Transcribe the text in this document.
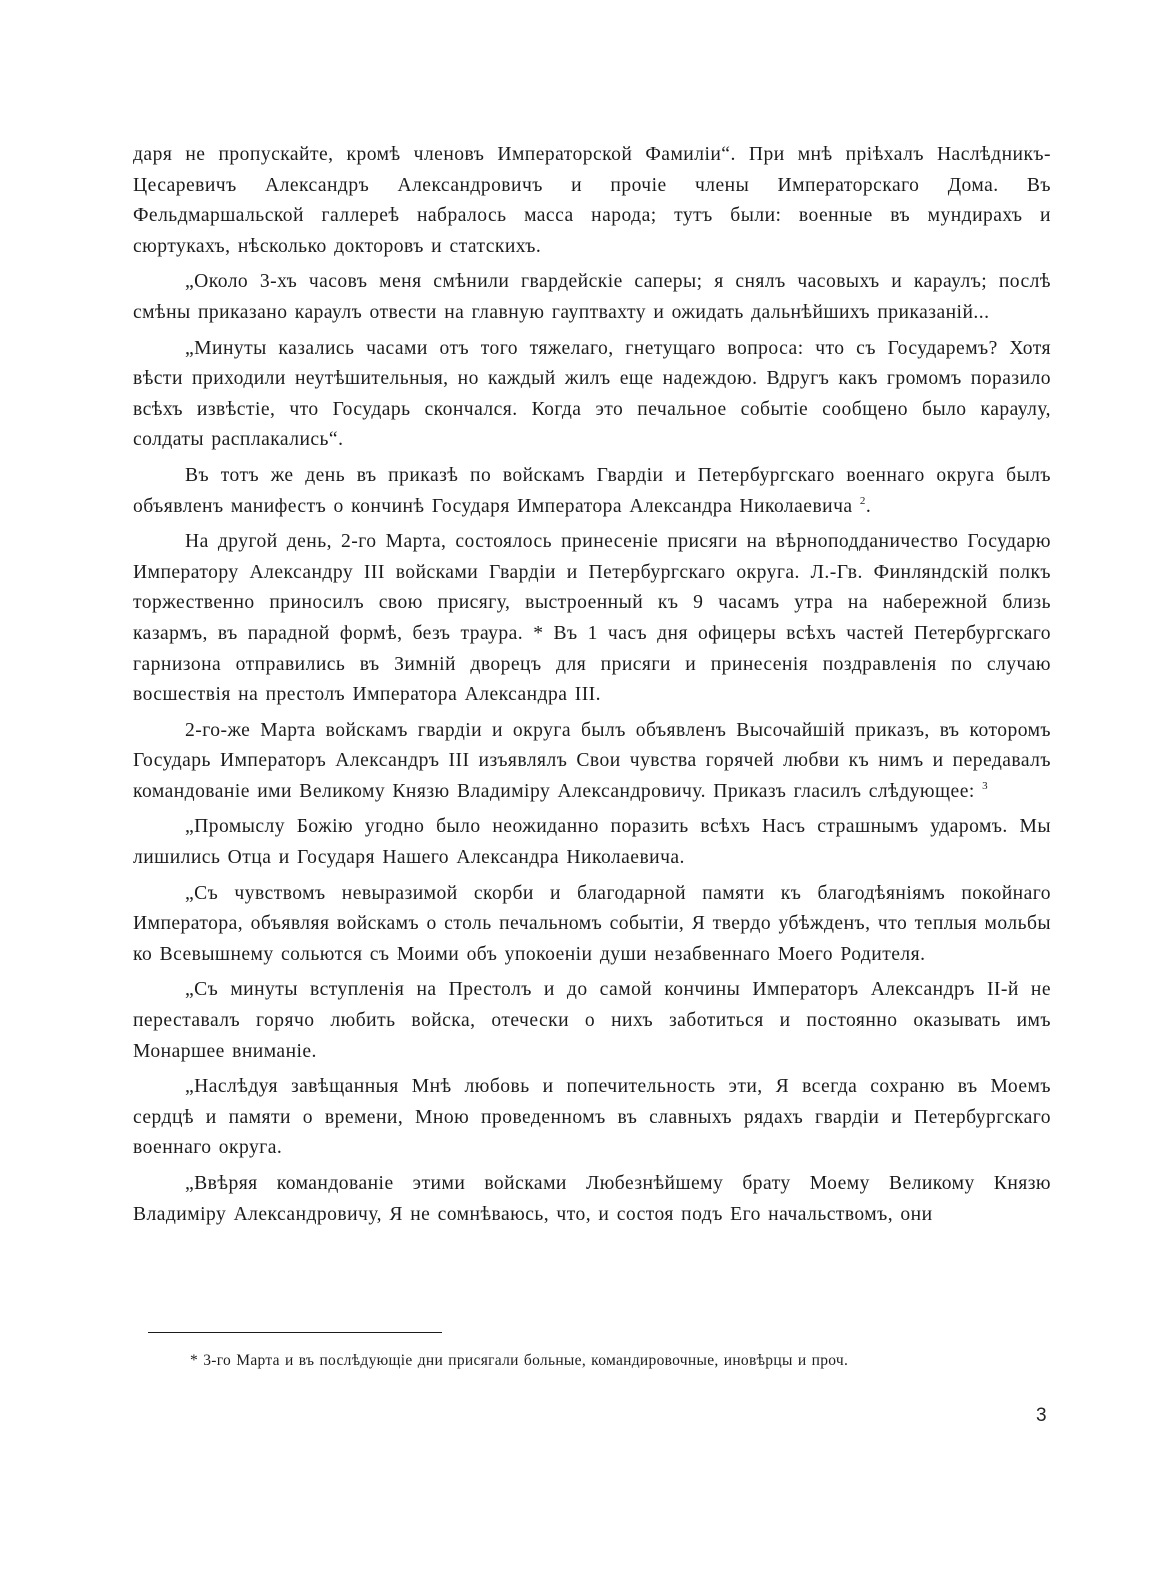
даря не пропускайте, кромѣ членовъ Императорской Фамиліи“. При мнѣ пріѣхалъ Наслѣдникъ-Цесаревичъ Александръ Александровичъ и прочіе члены Императорскаго Дома. Въ Фельдмаршальской галлереѣ набралось масса народа; тутъ были: военные въ мундирахъ и сюртукахъ, нѣсколько докторовъ и статскихъ.

„Около 3-хъ часовъ меня смѣнили гвардейскіе саперы; я снялъ часовыхъ и караулъ; послѣ смѣны приказано караулъ отвести на главную гауптвахту и ожидать дальнѣйшихъ приказаній...

„Минуты казались часами отъ того тяжелаго, гнетущаго вопроса: что съ Государемъ? Хотя вѣсти приходили неутѣшительныя, но каждый жилъ еще надеждою. Вдругъ какъ громомъ поразило всѣхъ извѣстіе, что Государь скончался. Когда это печальное событіе сообщено было караулу, солдаты расплакались“.

Въ тотъ же день въ приказѣ по войскамъ Гвардіи и Петербургскаго военнаго округа былъ объявленъ манифестъ о кончинѣ Государя Императора Александра Николаевича $^2$.

На другой день, 2-го Марта, состоялось принесеніе присяги на вѣрноподданичество Государю Императору Александру III войсками Гвардіи и Петербургскаго округа. Л.-Гв. Финляндскій полкъ торжественно приносилъ свою присягу, выстроенный къ 9 часамъ утра на набережной близь казармъ, въ парадной формѣ, безъ траура. * Въ 1 часъ дня офицеры всѣхъ частей Петербургскаго гарнизона отправились въ Зимній дворецъ для присяги и принесенія поздравленія по случаю восшествія на престолъ Императора Александра III.

2-го-же Марта войскамъ гвардіи и округа былъ объявленъ Высочайшій приказъ, въ которомъ Государь Императоръ Александръ III изъявлялъ Свои чувства горячей любви къ нимъ и передавалъ командованіе ими Великому Князю Владиміру Александровичу. Приказъ гласилъ слѣдующее: $^3$

„Промыслу Божію угодно было неожиданно поразить всѣхъ Насъ страшнымъ ударомъ. Мы лишились Отца и Государя Нашего Александра Николаевича.

„Съ чувствомъ невыразимой скорби и благодарной памяти къ благодѣяніямъ покойнаго Императора, объявляя войскамъ о столь печальномъ событіи, Я твердо убѣжденъ, что теплыя мольбы ко Всевышнему сольются съ Моими объ упокоеніи души незабвеннаго Моего Родителя.

„Съ минуты вступленія на Престолъ и до самой кончины Императоръ Александръ II-й не переставалъ горячо любить войска, отечески о нихъ заботиться и постоянно оказывать имъ Монаршее вниманіе.

„Наслѣдуя завѣщанныя Мнѣ любовь и попечительность эти, Я всегда сохраню въ Моемъ сердцѣ и памяти о времени, Мною проведенномъ въ славныхъ рядахъ гвардіи и Петербургскаго военнаго округа.

„Ввѣряя командованіе этими войсками Любезнѣйшему брату Моему Великому Князю Владиміру Александровичу, Я не сомнѣваюсь, что, и состоя подъ Его начальствомъ, они

* 3-го Марта и въ послѣдующіе дни присягали больные, командировочные, иновѣрцы и проч.
3
